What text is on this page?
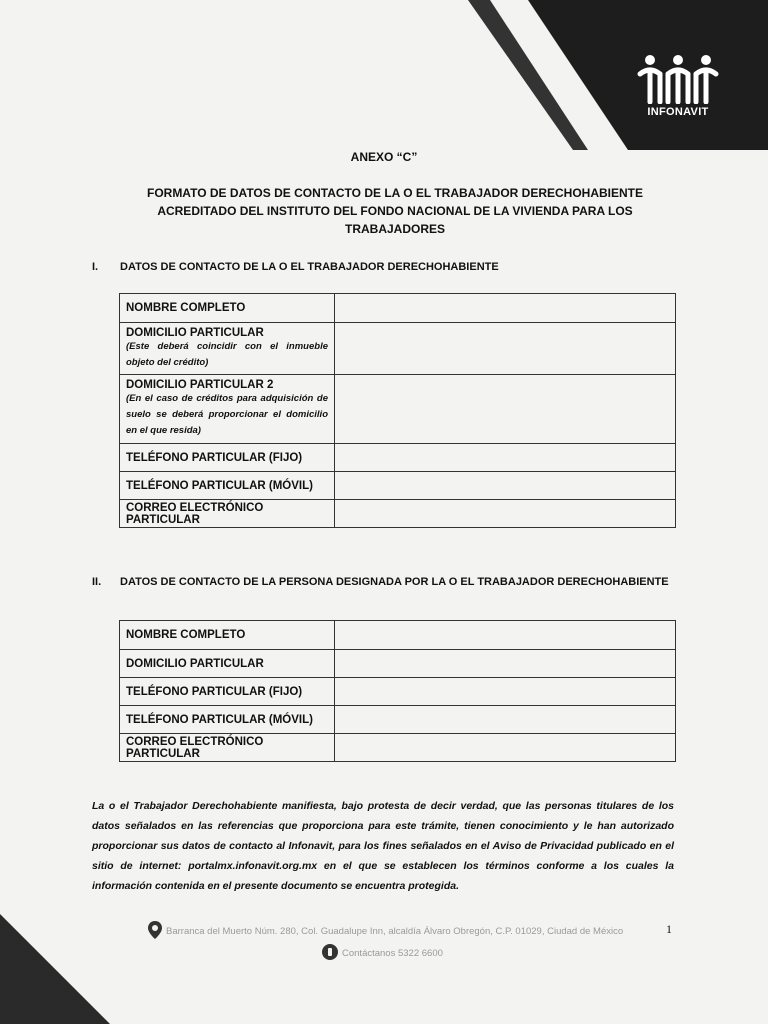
INFONAVIT
ANEXO “C”
FORMATO DE DATOS DE CONTACTO DE LA O EL TRABAJADOR DERECHOHABIENTE ACREDITADO DEL INSTITUTO DEL FONDO NACIONAL DE LA VIVIENDA PARA LOS TRABAJADORES
I. DATOS DE CONTACTO DE LA O EL TRABAJADOR DERECHOHABIENTE
NOMBRE COMPLETO	

DOMICILIO PARTICULAR
(Este deberá coincidir con el inmueble objeto del crédito)	

DOMICILIO PARTICULAR 2
(En el caso de créditos para adquisición de suelo se deberá proporcionar el domicilio en el que resida)	

TELÉFONO PARTICULAR (FIJO)	

TELÉFONO PARTICULAR (MÓVIL)	

CORREO ELECTRÓNICO PARTICULAR	

II. DATOS DE CONTACTO DE LA PERSONA DESIGNADA POR LA O EL TRABAJADOR DERECHOHABIENTE
NOMBRE COMPLETO	

DOMICILIO PARTICULAR	

TELÉFONO PARTICULAR (FIJO)	

TELÉFONO PARTICULAR (MÓVIL)	

CORREO ELECTRÓNICO PARTICULAR	

La o el Trabajador Derechohabiente manifiesta, bajo protesta de decir verdad, que las personas titulares de los datos señalados en las referencias que proporciona para este trámite, tienen conocimiento y le han autorizado proporcionar sus datos de contacto al Infonavit, para los fines señalados en el Aviso de Privacidad publicado en el sitio de internet: portalmx.infonavit.org.mx en el que se establecen los términos conforme a los cuales la información contenida en el presente documento se encuentra protegida.
Barranca del Muerto Núm. 280, Col. Guadalupe Inn, alcaldía Álvaro Obregón, C.P. 01029, Ciudad de México
Contáctanos 5322 6600
1
